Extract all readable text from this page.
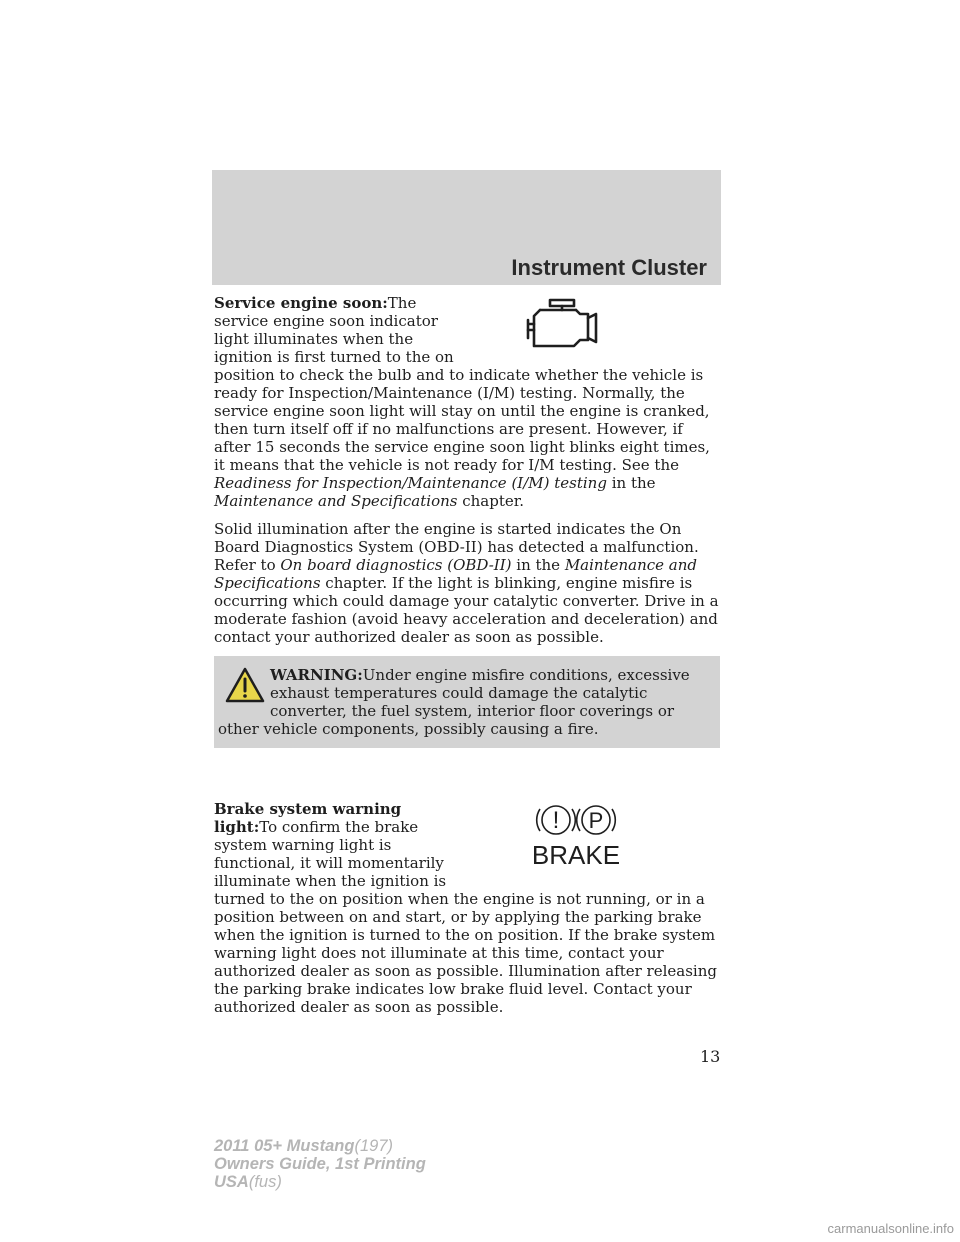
Instrument Cluster

Service engine soon:The service engine soon indicator light illuminates when the ignition is first turned to the on position to check the bulb and to indicate whether the vehicle is ready for Inspection/Maintenance (I/M) testing. Normally, the service engine soon light will stay on until the engine is cranked, then turn itself off if no malfunctions are present. However, if after 15 seconds the service engine soon light blinks eight times, it means that the vehicle is not ready for I/M testing. See the Readiness for Inspection/Maintenance (I/M) testing in the Maintenance and Specifications chapter.

Solid illumination after the engine is started indicates the On Board Diagnostics System (OBD-II) has detected a malfunction. Refer to On board diagnostics (OBD-II) in the Maintenance and Specifications chapter. If the light is blinking, engine misfire is occurring which could damage your catalytic converter. Drive in a moderate fashion (avoid heavy acceleration and deceleration) and contact your authorized dealer as soon as possible.

WARNING:Under engine misfire conditions, excessive exhaust temperatures could damage the catalytic converter, the fuel system, interior floor coverings or other vehicle components, possibly causing a fire.

! P
BRAKE
Brake system warning light:To confirm the brake system warning light is functional, it will momentarily illuminate when the ignition is turned to the on position when the engine is not running, or in a position between on and start, or by applying the parking brake when the ignition is turned to the on position. If the brake system warning light does not illuminate at this time, contact your authorized dealer as soon as possible. Illumination after releasing the parking brake indicates low brake fluid level. Contact your authorized dealer as soon as possible.

13
2011 05+ Mustang(197)
Owners Guide, 1st Printing
USA(fus)
carmanualsonline.info
